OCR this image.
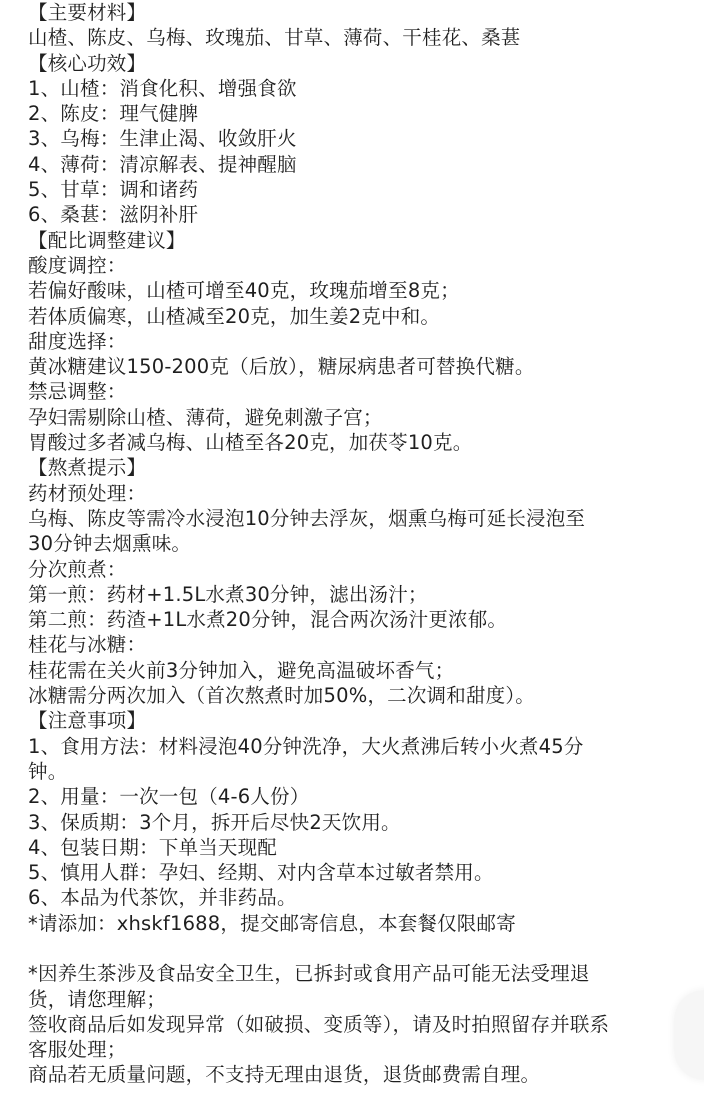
【主要材料】
山楂、陈皮、乌梅、玫瑰茄、甘草、薄荷、干桂花、桑葚
【核心功效】
1、山楂：消食化积、增强食欲
2、陈皮：理气健脾
3、乌梅：生津止渴、收敛肝火
4、薄荷：清凉解表、提神醒脑
5、甘草：调和诸药
6、桑葚：滋阴补肝
【配比调整建议】
酸度调控：
若偏好酸味，山楂可增至40克，玫瑰茄增至8克；
若体质偏寒，山楂减至20克，加生姜2克中和。
甜度选择：
黄冰糖建议150-200克（后放），糖尿病患者可替换代糖。
禁忌调整：
孕妇需剔除山楂、薄荷，避免刺激子宫；
胃酸过多者减乌梅、山楂至各20克，加茯苓10克。
【熬煮提示】
药材预处理：
乌梅、陈皮等需冷水浸泡10分钟去浮灰，烟熏乌梅可延长浸泡至
30分钟去烟熏味。
分次煎煮：
第一煎：药材+1.5L水煮30分钟，滤出汤汁；
第二煎：药渣+1L水煮20分钟，混合两次汤汁更浓郁。
桂花与冰糖：
桂花需在关火前3分钟加入，避免高温破坏香气；
冰糖需分两次加入（首次熬煮时加50%，二次调和甜度）。
【注意事项】
1、食用方法：材料浸泡40分钟洗净，大火煮沸后转小火煮45分
钟。
2、用量：一次一包（4-6人份）
3、保质期：3个月，拆开后尽快2天饮用。
4、包装日期：下单当天现配
5、慎用人群：孕妇、经期、对内含草本过敏者禁用。
6、本品为代茶饮，并非药品。
*请添加：xhskf1688，提交邮寄信息，本套餐仅限邮寄
*因养生茶涉及食品安全卫生，已拆封或食用产品可能无法受理退
货，请您理解；
签收商品后如发现异常（如破损、变质等），请及时拍照留存并联系
客服处理；
商品若无质量问题，不支持无理由退货，退货邮费需自理。
